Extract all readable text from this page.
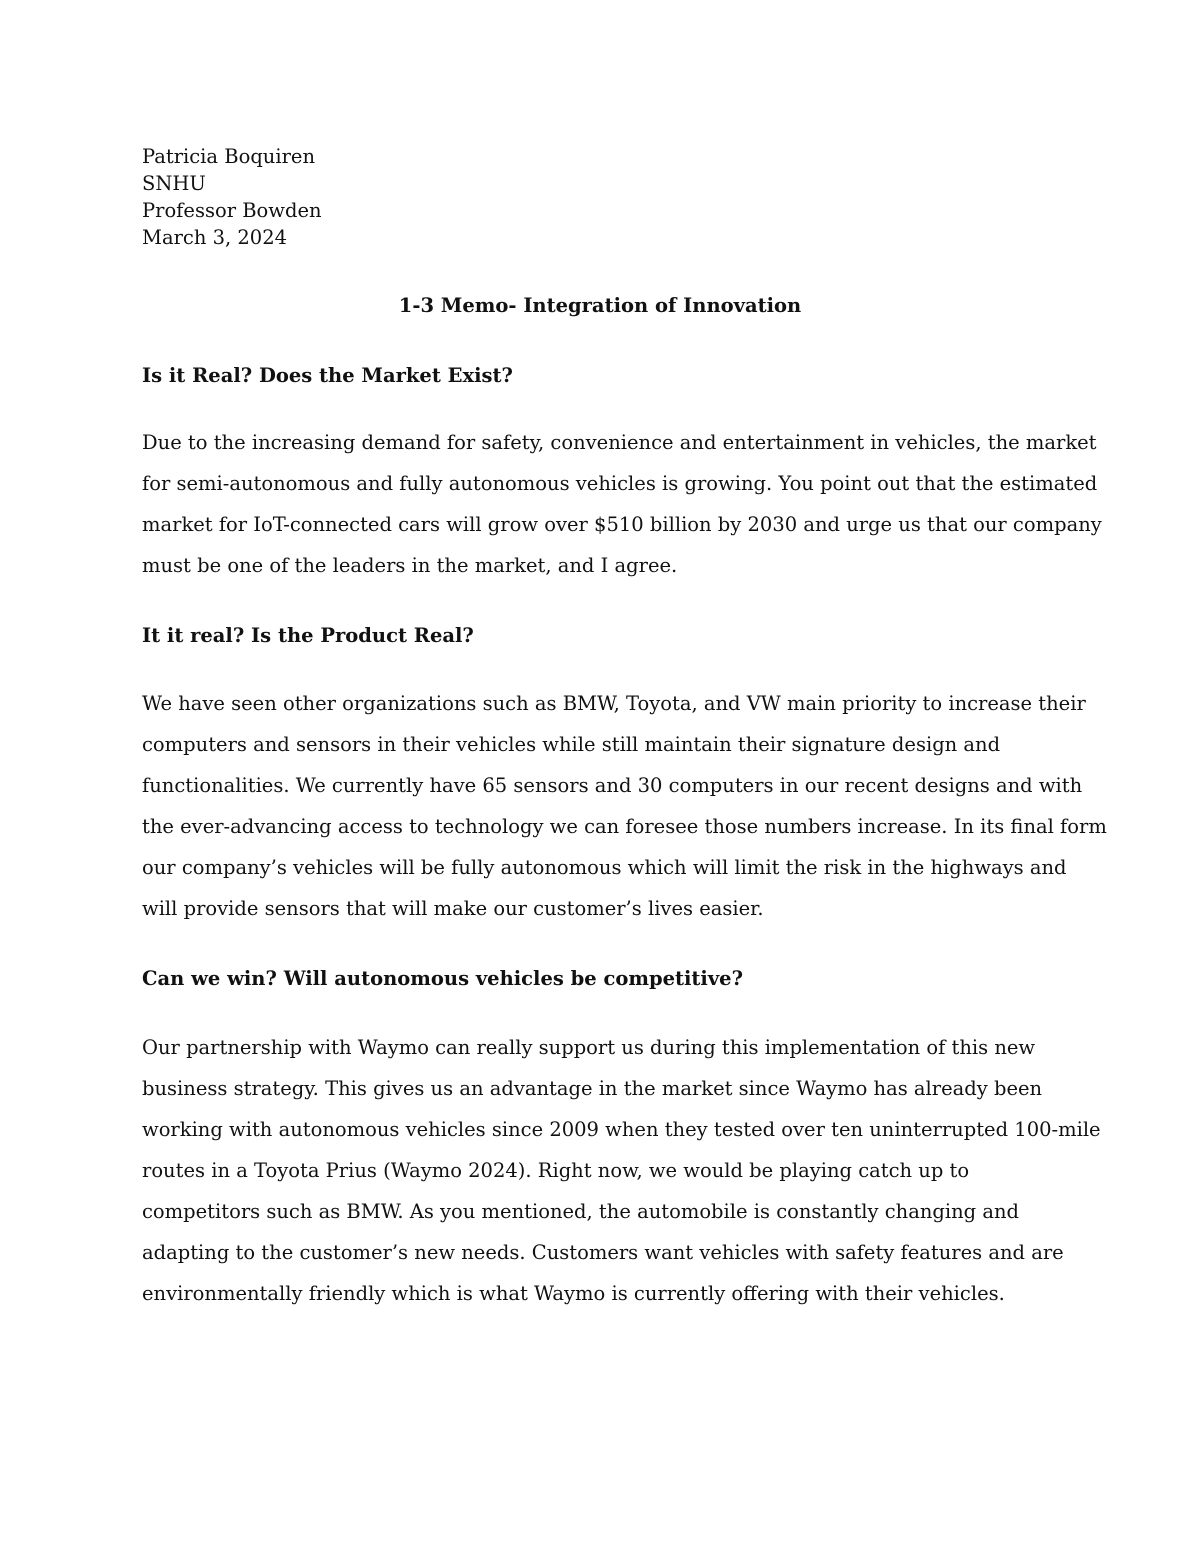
Patricia Boquiren
SNHU
Professor Bowden
March 3, 2024
1-3 Memo- Integration of Innovation
Is it Real? Does the Market Exist?
Due to the increasing demand for safety, convenience and entertainment in vehicles, the market
for semi-autonomous and fully autonomous vehicles is growing. You point out that the estimated
market for IoT-connected cars will grow over $510 billion by 2030 and urge us that our company
must be one of the leaders in the market, and I agree.
It it real? Is the Product Real?
We have seen other organizations such as BMW, Toyota, and VW main priority to increase their
computers and sensors in their vehicles while still maintain their signature design and
functionalities. We currently have 65 sensors and 30 computers in our recent designs and with
the ever-advancing access to technology we can foresee those numbers increase. In its final form
our company’s vehicles will be fully autonomous which will limit the risk in the highways and
will provide sensors that will make our customer’s lives easier.
Can we win? Will autonomous vehicles be competitive?
Our partnership with Waymo can really support us during this implementation of this new
business strategy. This gives us an advantage in the market since Waymo has already been
working with autonomous vehicles since 2009 when they tested over ten uninterrupted 100-mile
routes in a Toyota Prius (Waymo 2024). Right now, we would be playing catch up to
competitors such as BMW. As you mentioned, the automobile is constantly changing and
adapting to the customer’s new needs. Customers want vehicles with safety features and are
environmentally friendly which is what Waymo is currently offering with their vehicles.
